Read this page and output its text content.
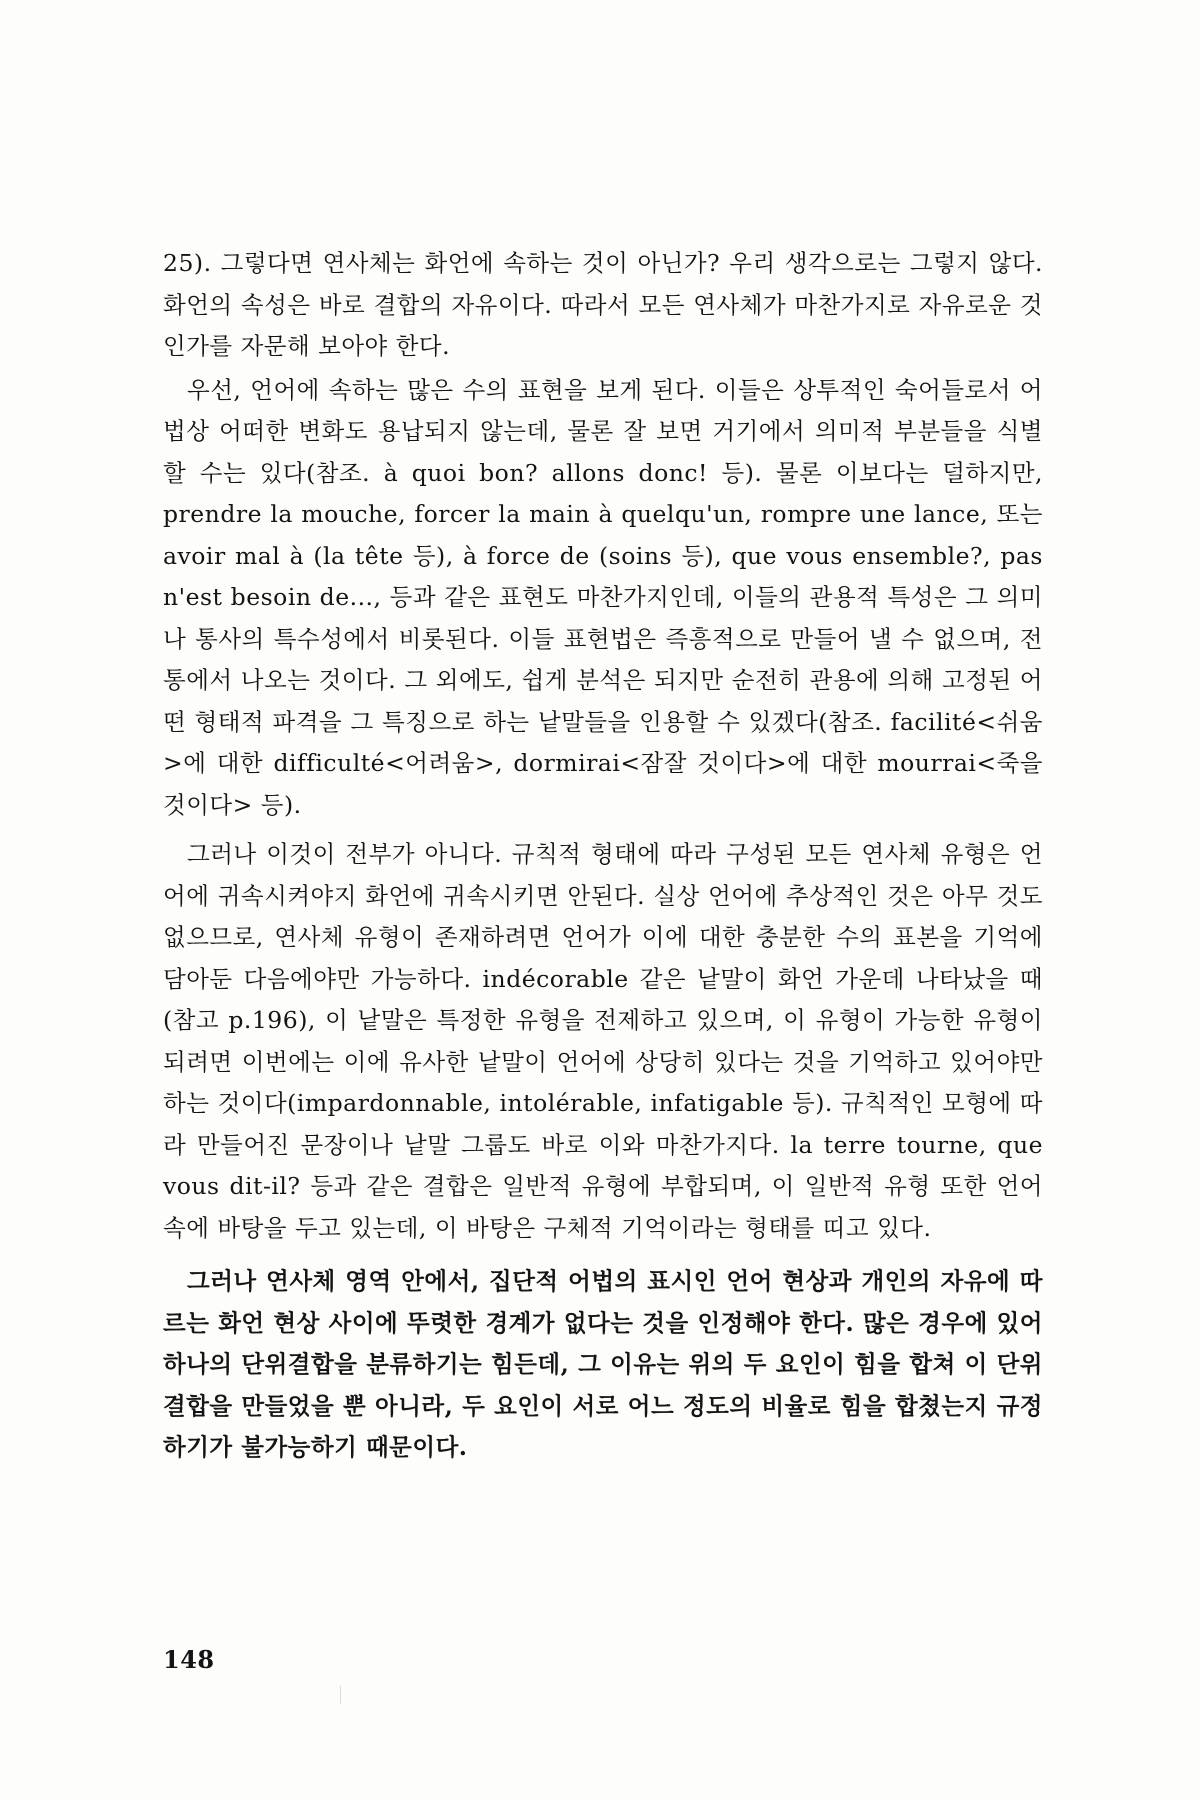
25). 그렇다면 연사체는 화언에 속하는 것이 아닌가? 우리 생각으로는 그렇지 않다. 화언의 속성은 바로 결합의 자유이다. 따라서 모든 연사체가 마찬가지로 자유로운 것인가를 자문해 보아야 한다.

우선, 언어에 속하는 많은 수의 표현을 보게 된다. 이들은 상투적인 숙어들로서 어법상 어떠한 변화도 용납되지 않는데, 물론 잘 보면 거기에서 의미적 부분들을 식별할 수는 있다(참조. à quoi bon? allons donc! 등). 물론 이보다는 덜하지만, prendre la mouche, forcer la main à quelqu'un, rompre une lance, 또는 avoir mal à (la tête 등), à force de (soins 등), que vous ensemble?, pas n'est besoin de..., 등과 같은 표현도 마찬가지인데, 이들의 관용적 특성은 그 의미나 통사의 특수성에서 비롯된다. 이들 표현법은 즉흥적으로 만들어 낼 수 없으며, 전통에서 나오는 것이다. 그 외에도, 쉽게 분석은 되지만 순전히 관용에 의해 고정된 어떤 형태적 파격을 그 특징으로 하는 낱말들을 인용할 수 있겠다(참조. facilité<쉬움>에 대한 difficulté<어려움>, dormirai<잠잘 것이다>에 대한 mourrai<죽을 것이다> 등).

그러나 이것이 전부가 아니다. 규칙적 형태에 따라 구성된 모든 연사체 유형은 언어에 귀속시켜야지 화언에 귀속시키면 안된다. 실상 언어에 추상적인 것은 아무 것도 없으므로, 연사체 유형이 존재하려면 언어가 이에 대한 충분한 수의 표본을 기억에 담아둔 다음에야만 가능하다. indécorable 같은 낱말이 화언 가운데 나타났을 때(참고 p.196), 이 낱말은 특정한 유형을 전제하고 있으며, 이 유형이 가능한 유형이 되려면 이번에는 이에 유사한 낱말이 언어에 상당히 있다는 것을 기억하고 있어야만 하는 것이다(impardonnable, intolérable, infatigable 등). 규칙적인 모형에 따라 만들어진 문장이나 낱말 그룹도 바로 이와 마찬가지다. la terre tourne, que vous dit-il? 등과 같은 결합은 일반적 유형에 부합되며, 이 일반적 유형 또한 언어 속에 바탕을 두고 있는데, 이 바탕은 구체적 기억이라는 형태를 띠고 있다.

그러나 연사체 영역 안에서, 집단적 어법의 표시인 언어 현상과 개인의 자유에 따르는 화언 현상 사이에 뚜렷한 경계가 없다는 것을 인정해야 한다. 많은 경우에 있어 하나의 단위결합을 분류하기는 힘든데, 그 이유는 위의 두 요인이 힘을 합쳐 이 단위결합을 만들었을 뿐 아니라, 두 요인이 서로 어느 정도의 비율로 힘을 합쳤는지 규정하기가 불가능하기 때문이다.

148
